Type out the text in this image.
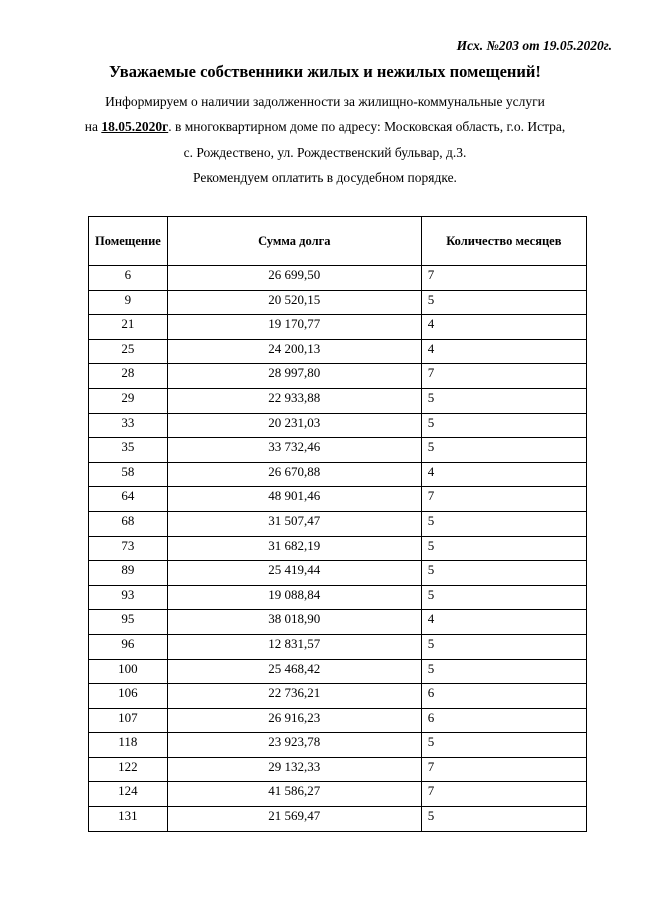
Исх. №203 от 19.05.2020г.
Уважаемые собственники жилых и нежилых помещений!
Информируем о наличии задолженности за жилищно-коммунальные услуги
на 18.05.2020г. в многоквартирном доме по адресу: Московская область, г.о. Истра,
с. Рождествено, ул. Рождественский бульвар, д.3.
Рекомендуем оплатить в досудебном порядке.
Помещение	Сумма долга	Количество месяцев
6	26 699,50	7
9	20 520,15	5
21	19 170,77	4
25	24 200,13	4
28	28 997,80	7
29	22 933,88	5
33	20 231,03	5
35	33 732,46	5
58	26 670,88	4
64	48 901,46	7
68	31 507,47	5
73	31 682,19	5
89	25 419,44	5
93	19 088,84	5
95	38 018,90	4
96	12 831,57	5
100	25 468,42	5
106	22 736,21	6
107	26 916,23	6
118	23 923,78	5
122	29 132,33	7
124	41 586,27	7
131	21 569,47	5
